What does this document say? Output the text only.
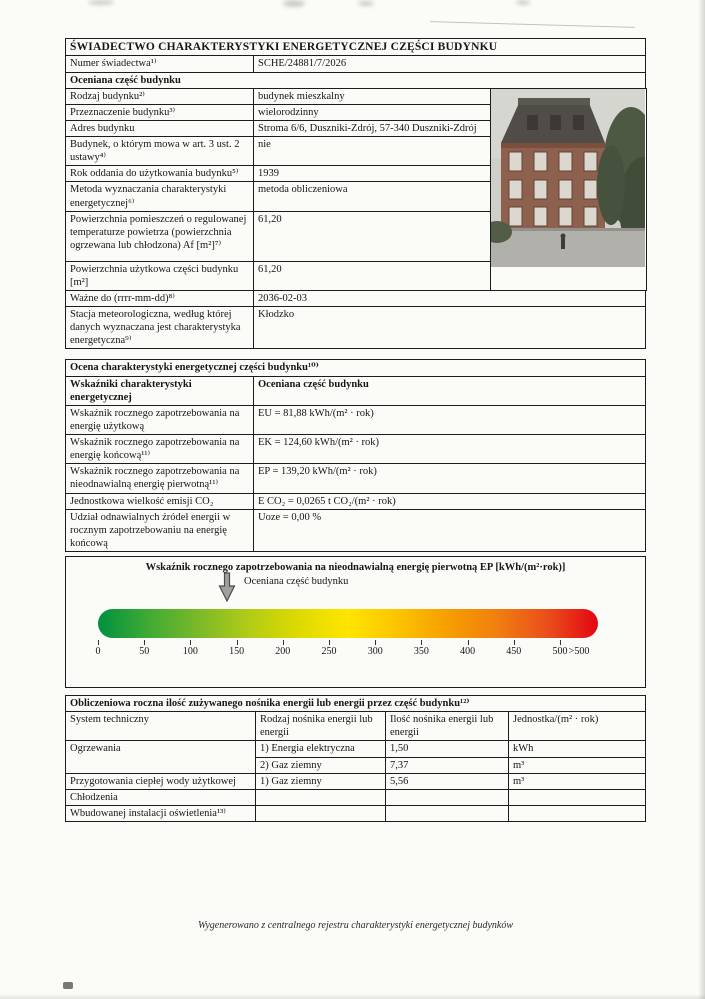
ŚWIADECTWO CHARAKTERYSTYKI ENERGETYCZNEJ CZĘŚCI BUDYNKU
Numer świadectwa¹⁾	SCHE/24881/7/2026
Oceniana część budynku
Rodzaj budynku²⁾	budynek mieszkalny	
Przeznaczenie budynku³⁾	wielorodzinny	
Adres budynku	Stroma 6/6, Duszniki-Zdrój, 57-340 Duszniki-Zdrój	
Budynek, o którym mowa w art. 3 ust. 2 ustawy⁴⁾	nie	
Rok oddania do użytkowania budynku⁵⁾	1939	
Metoda wyznaczania charakterystyki energetycznej⁶⁾	metoda obliczeniowa	
Powierzchnia pomieszczeń o regulowanej temperaturze powietrza (powierzchnia ogrzewana lub chłodzona) Af [m²]⁷⁾	61,20	
Powierzchnia użytkowa części budynku [m²]	61,20	
Ważne do (rrrr-mm-dd)⁸⁾	2036-02-03
Stacja meteorologiczna, według której danych wyznaczana jest charakterystyka energetyczna⁹⁾	Kłodzko
Ocena charakterystyki energetycznej części budynku¹⁰⁾
Wskaźniki charakterystyki energetycznej	Oceniana część budynku
Wskaźnik rocznego zapotrzebowania na energię użytkową	EU = 81,88 kWh/(m² · rok)
Wskaźnik rocznego zapotrzebowania na energię końcową¹¹⁾	EK = 124,60 kWh/(m² · rok)
Wskaźnik rocznego zapotrzebowania na nieodnawialną energię pierwotną¹¹⁾	EP = 139,20 kWh/(m² · rok)
Jednostkowa wielkość emisji CO₂	E CO₂ = 0,0265 t CO₂/(m² · rok)
Udział odnawialnych źródeł energii w rocznym zapotrzebowaniu na energię końcową	Uoze = 0,00 %
Wskaźnik rocznego zapotrzebowania na nieodnawialną energię pierwotną EP [kWh/(m²·rok)]
Oceniana część budynku
0	50	100	150	200	250	300	350	400	450	500 >500
Obliczeniowa roczna ilość zużywanego nośnika energii lub energii przez część budynku¹²⁾
System techniczny	Rodzaj nośnika energii lub energii	Ilość nośnika energii lub energii	Jednostka/(m² · rok)
Ogrzewania	1) Energia elektryczna	1,50	kWh
	2) Gaz ziemny	7,37	m³
Przygotowania ciepłej wody użytkowej	1) Gaz ziemny	5,56	m³
Chłodzenia			
Wbudowanej instalacji oświetlenia¹³⁾			
Wygenerowano z centralnego rejestru charakterystyki energetycznej budynków
